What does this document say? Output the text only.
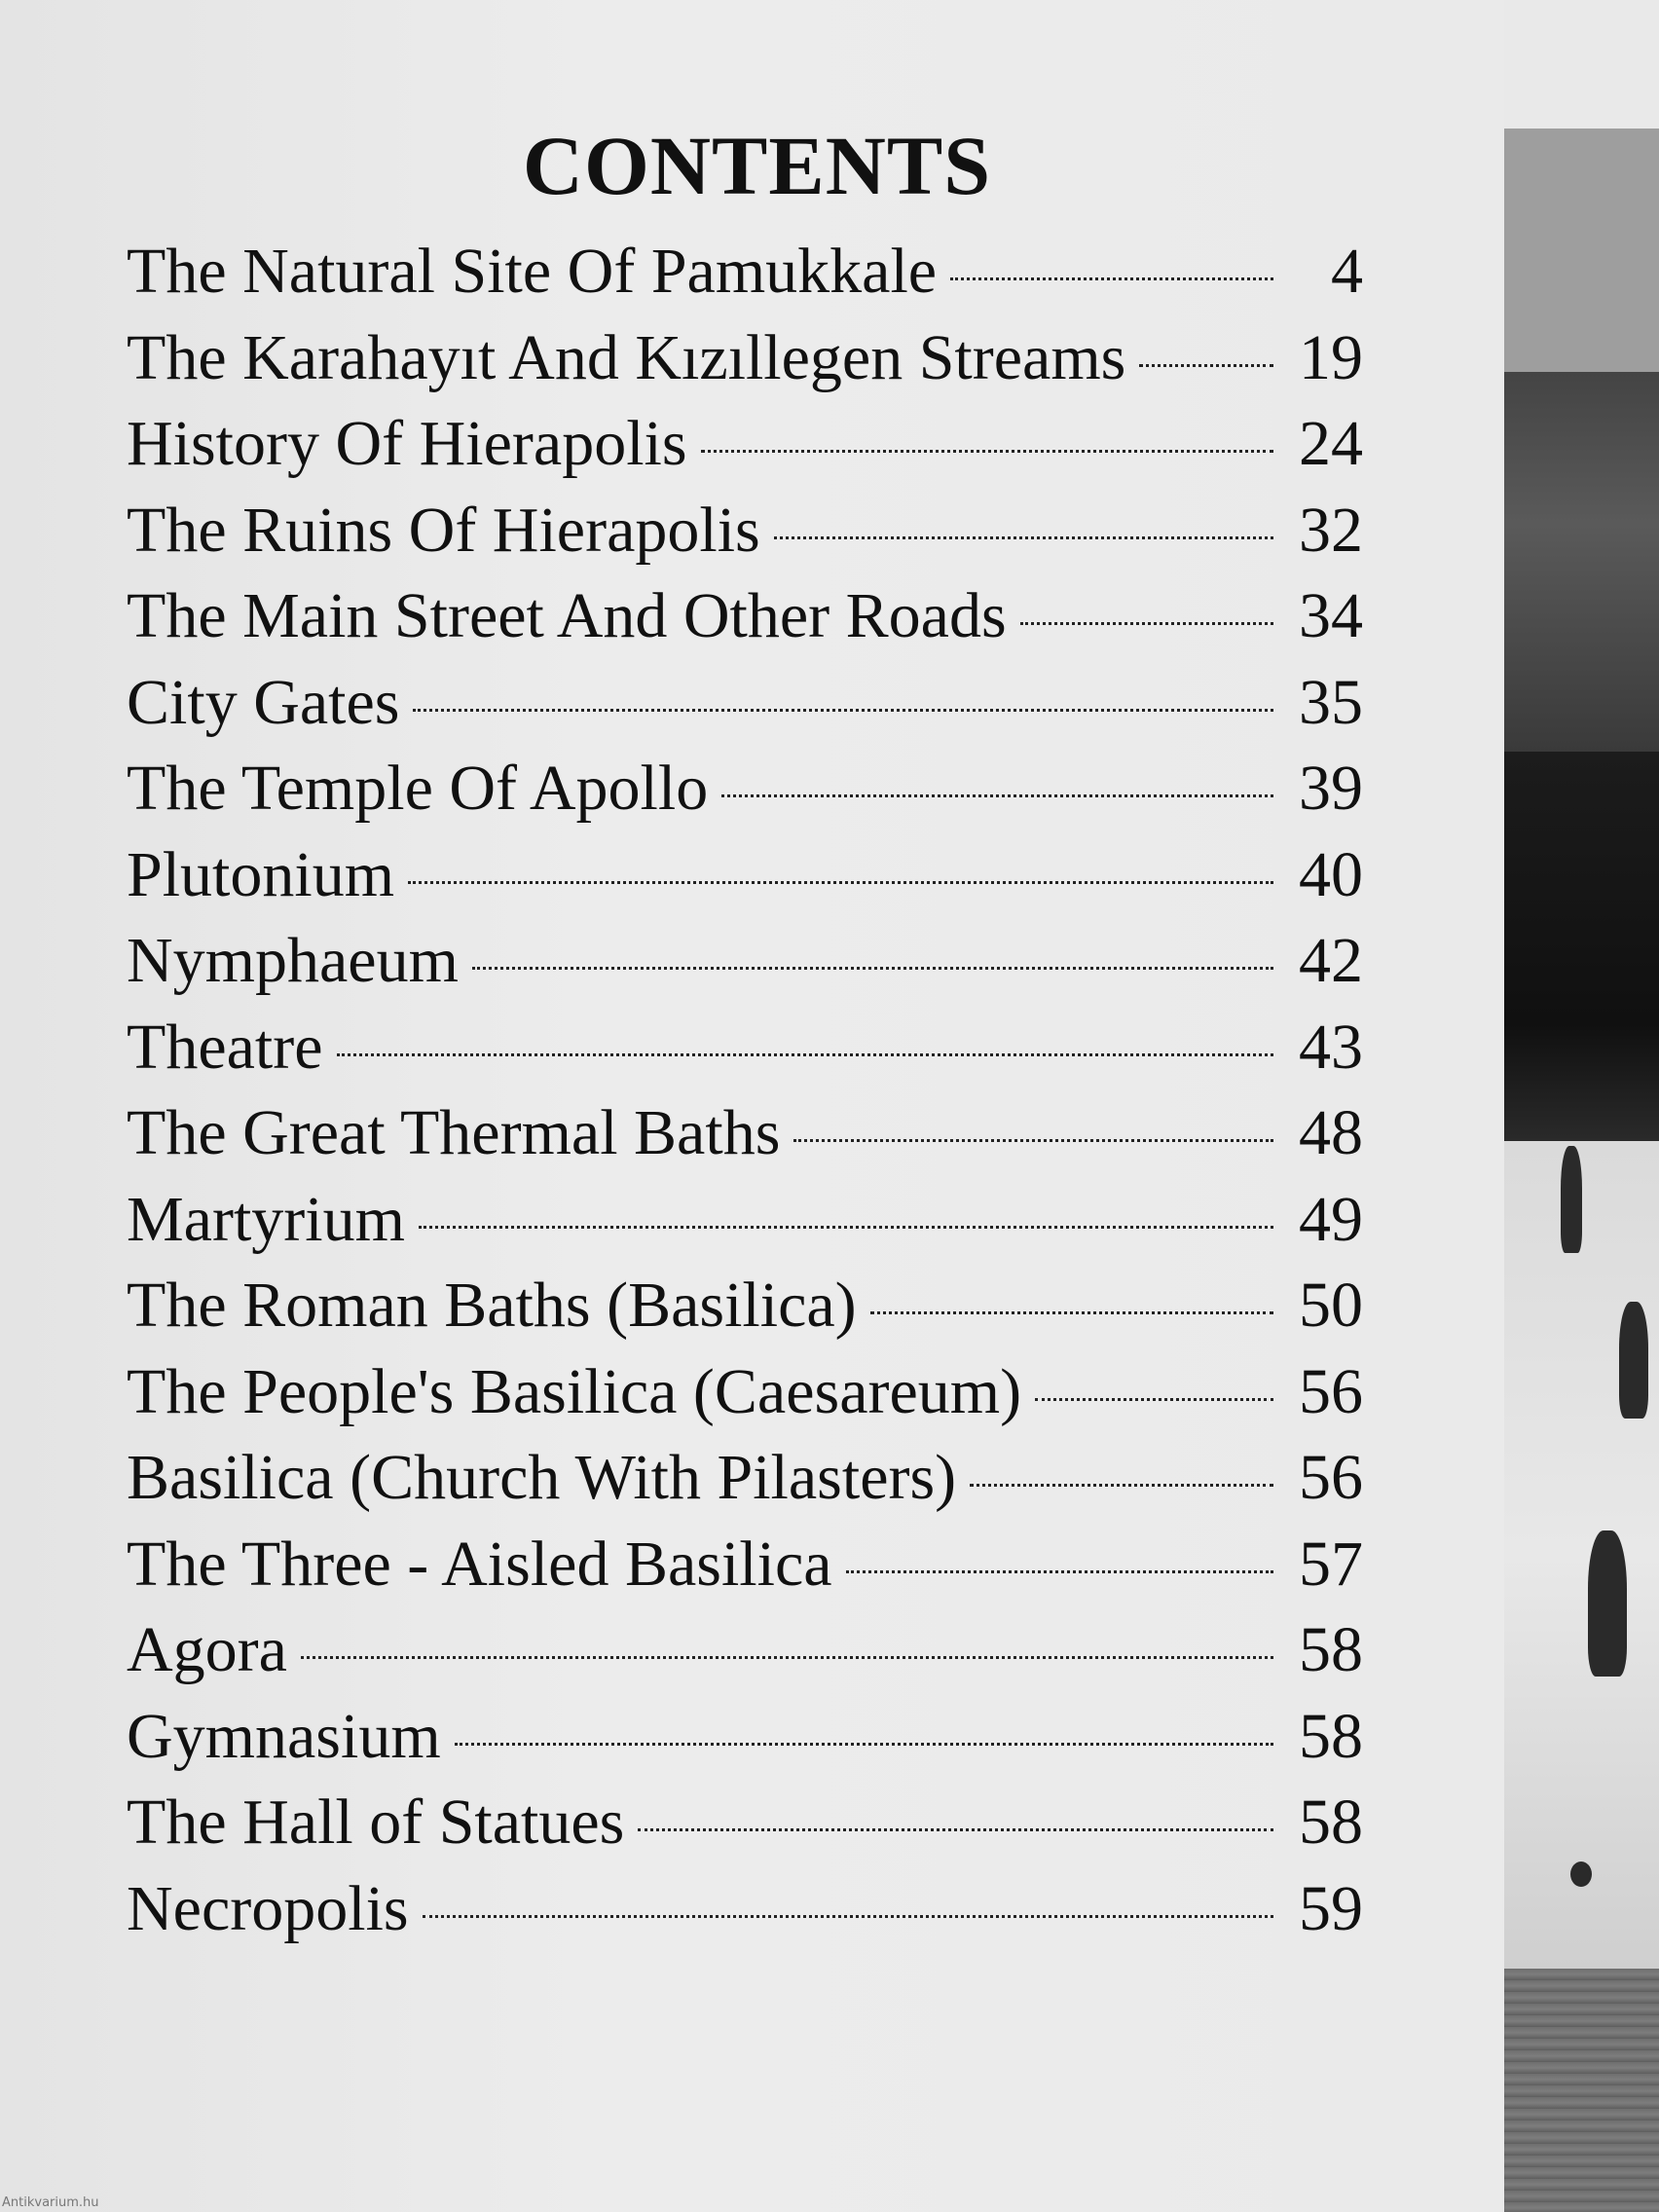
CONTENTS
The Natural Site Of Pamukkale	4
The Karahayıt And Kızıllegen Streams	19
History Of Hierapolis	24
The Ruins Of Hierapolis	32
The Main Street And Other Roads	34
City Gates	35
The Temple Of Apollo	39
Plutonium	40
Nymphaeum	42
Theatre	43
The Great Thermal Baths	48
Martyrium	49
The Roman Baths (Basilica)	50
The People's Basilica (Caesareum)	56
Basilica (Church With Pilasters)	56
The Three - Aisled Basilica	57
Agora	58
Gymnasium	58
The Hall of Statues	58
Necropolis	59
Antikvarium.hu
